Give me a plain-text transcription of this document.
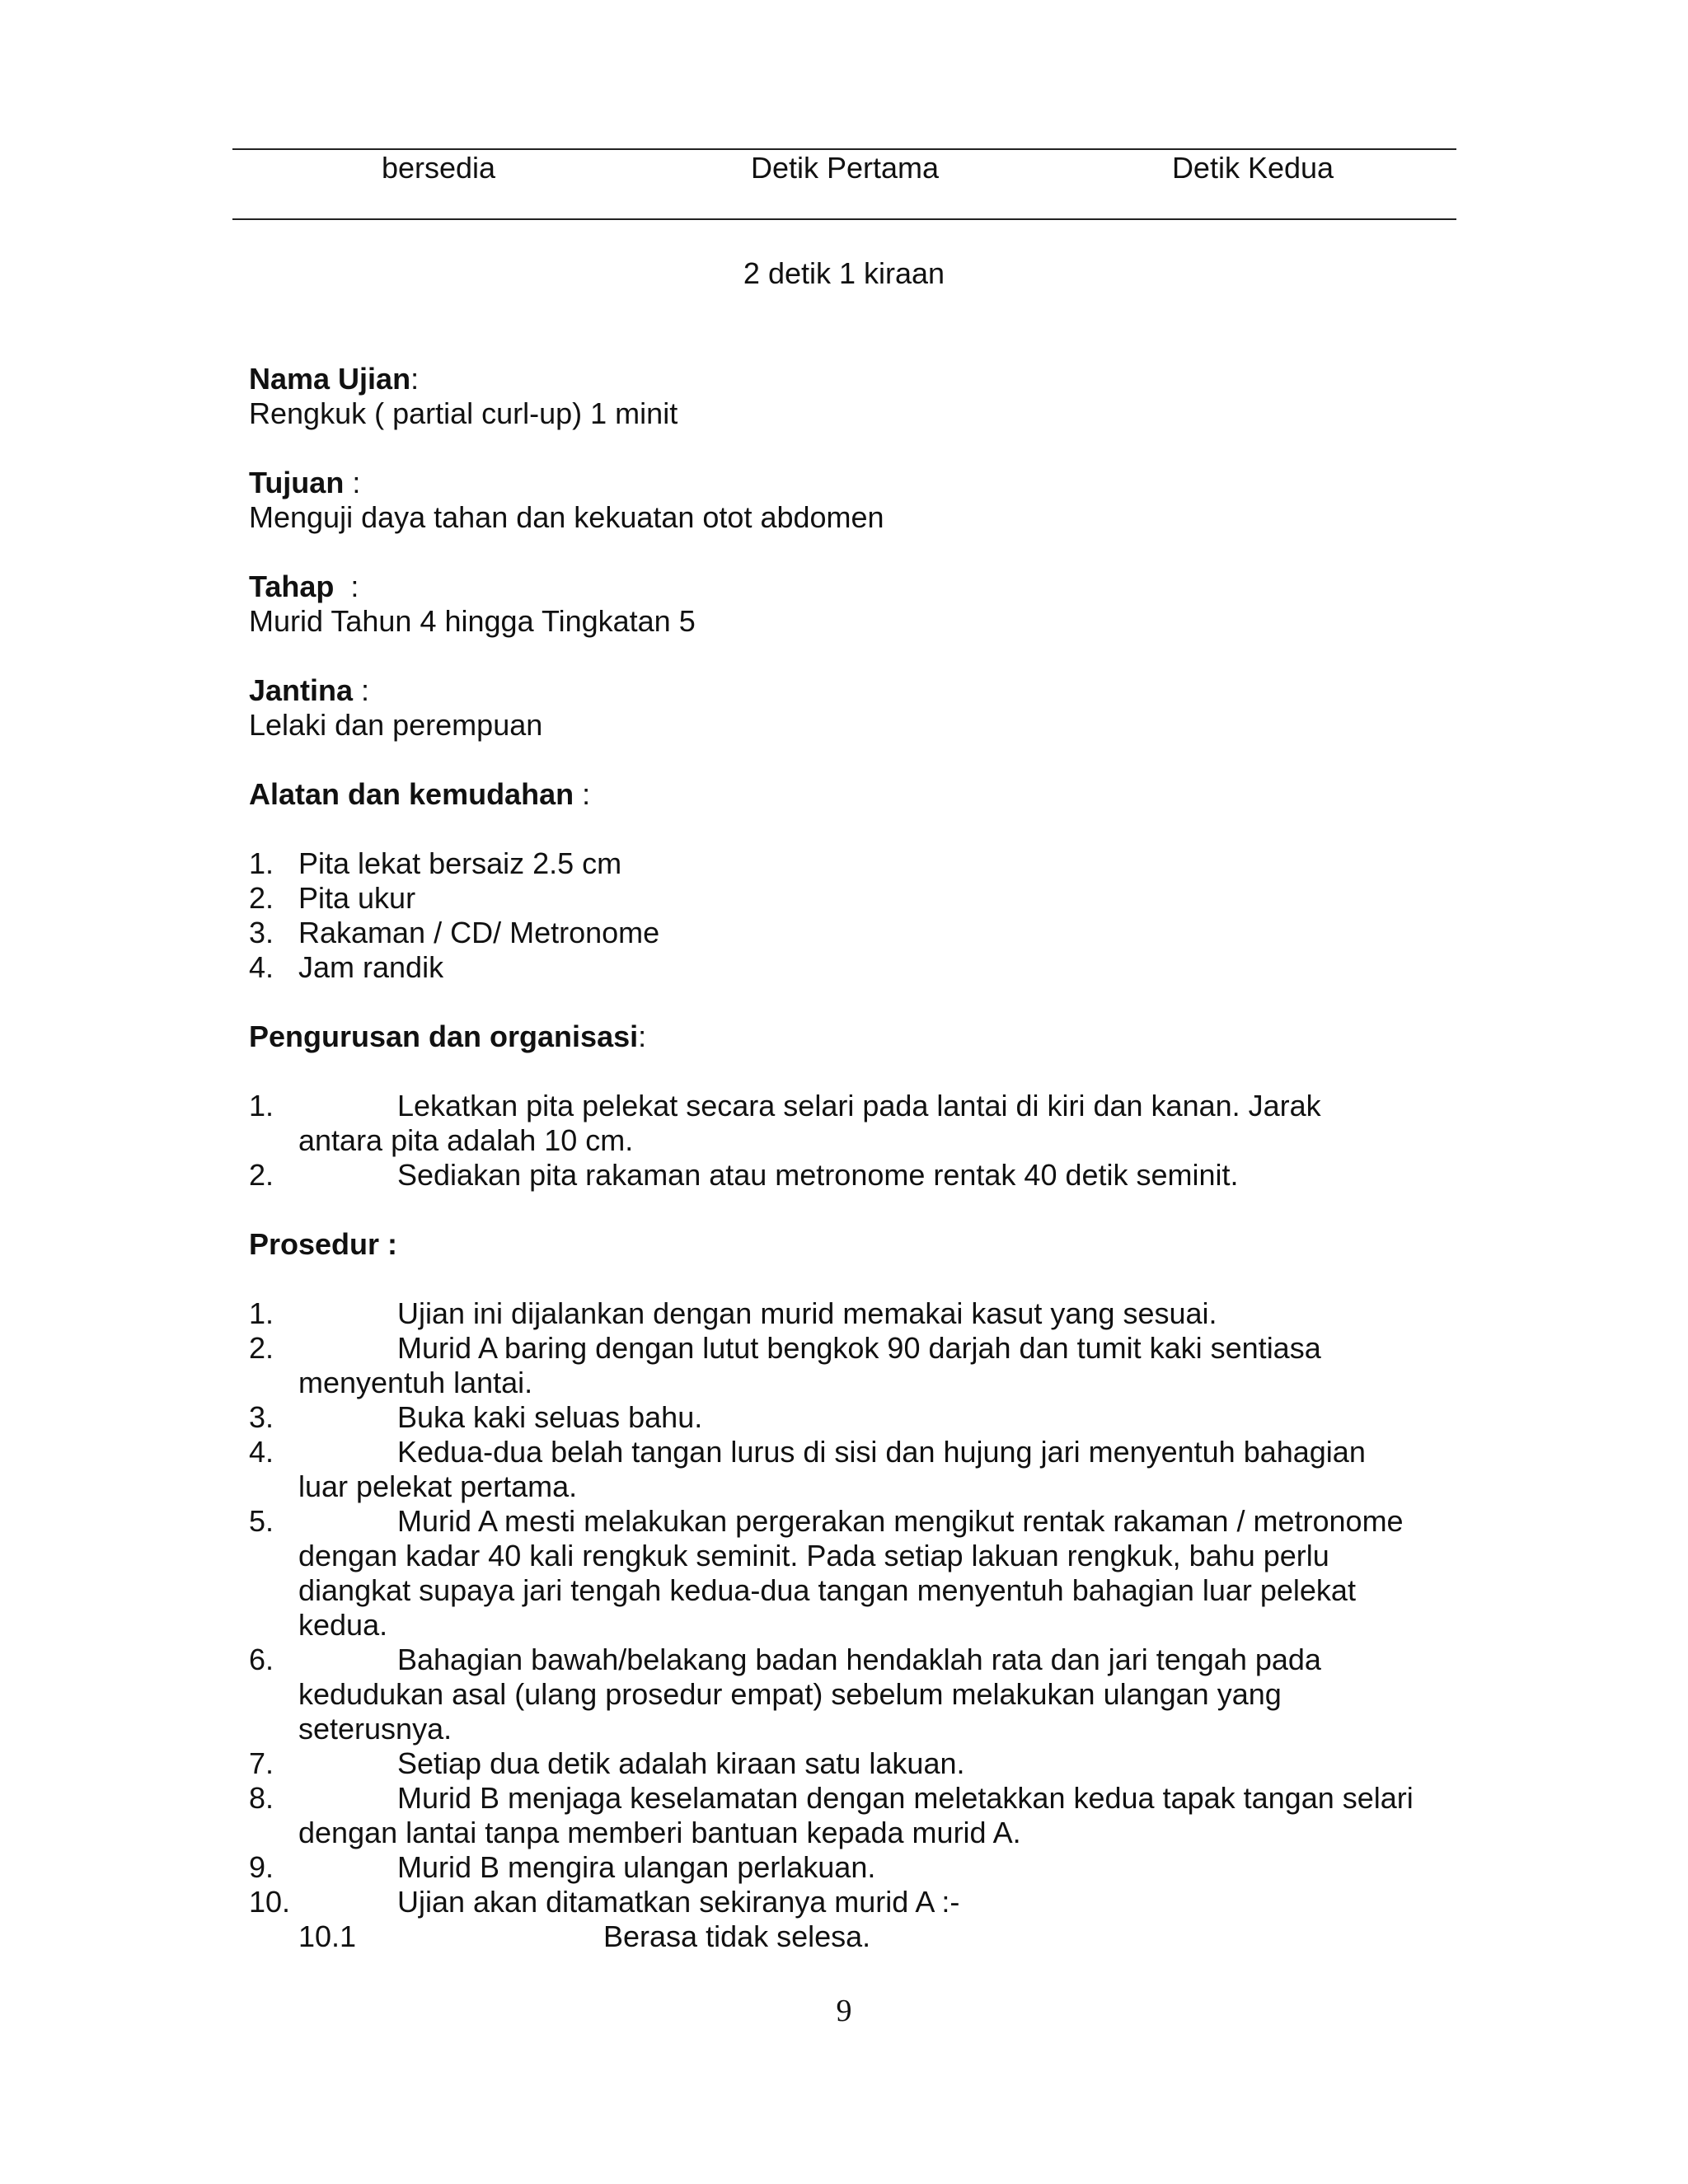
bersedia	Detik Pertama	Detik Kedua
2 detik 1 kiraan
Nama Ujian:
Rengkuk ( partial curl-up) 1 minit
Tujuan :
Menguji daya tahan dan kekuatan otot abdomen
Tahap  :
Murid Tahun 4 hingga Tingkatan 5
Jantina :
Lelaki dan perempuan
Alatan dan kemudahan :
1. Pita lekat bersaiz 2.5 cm
2. Pita ukur
3. Rakaman / CD/ Metronome
4. Jam randik
Pengurusan dan organisasi:
1.	Lekatkan pita pelekat secara selari pada lantai di kiri dan kanan. Jarak
antara pita adalah 10 cm.
2.	Sediakan pita rakaman atau metronome rentak 40 detik seminit.
Prosedur :
1.	Ujian ini dijalankan dengan murid memakai kasut yang sesuai.
2.	Murid A baring dengan lutut bengkok 90 darjah dan tumit kaki sentiasa
menyentuh lantai.
3.	Buka kaki seluas bahu.
4.	Kedua-dua belah tangan lurus di sisi dan hujung jari menyentuh bahagian
luar pelekat pertama.
5.	Murid A mesti melakukan pergerakan mengikut rentak rakaman / metronome
dengan kadar 40 kali rengkuk seminit. Pada setiap lakuan rengkuk, bahu perlu
diangkat supaya jari tengah kedua-dua tangan menyentuh bahagian luar pelekat
kedua.
6.	Bahagian bawah/belakang badan hendaklah rata dan jari tengah pada
kedudukan asal (ulang prosedur empat) sebelum melakukan ulangan yang
seterusnya.
7.	Setiap dua detik adalah kiraan satu lakuan.
8.	Murid B menjaga keselamatan dengan meletakkan kedua tapak tangan selari
dengan lantai tanpa memberi bantuan kepada murid A.
9.	Murid B mengira ulangan perlakuan.
10.	Ujian akan ditamatkan sekiranya murid A :-
10.1	Berasa tidak selesa.
9
